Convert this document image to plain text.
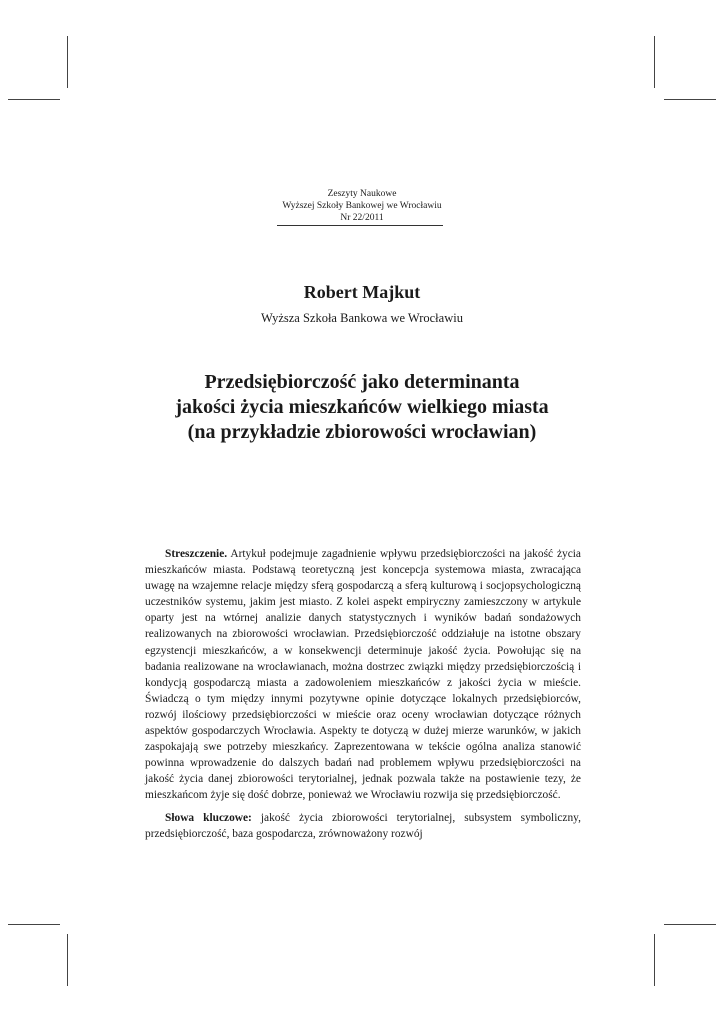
Zeszyty Naukowe
Wyższej Szkoły Bankowej we Wrocławiu
Nr 22/2011
Robert Majkut
Wyższa Szkoła Bankowa we Wrocławiu
Przedsiębiorczość jako determinanta
jakości życia mieszkańców wielkiego miasta
(na przykładzie zbiorowości wrocławian)

Streszczenie. Artykuł podejmuje zagadnienie wpływu przedsiębiorczości na jakość życia mieszkańców miasta. Podstawą teoretyczną jest koncepcja systemowa miasta, zwracająca uwagę na wzajemne relacje między sferą gospodarczą a sferą kulturową i socjopsychologiczną uczestników systemu, jakim jest miasto. Z kolei aspekt empiryczny zamieszczony w artykule oparty jest na wtórnej analizie danych statystycznych i wyników badań sondażowych realizowanych na zbiorowości wrocławian. Przedsiębiorczość oddziałuje na istotne obszary egzystencji mieszkańców, a w konsekwencji determinuje jakość życia. Powołując się na badania realizowane na wrocławianach, można dostrzec związki między przedsiębiorczością i kondycją gospodarczą miasta a zadowoleniem mieszkańców z jakości życia w mieście. Świadczą o tym między innymi pozytywne opinie dotyczące lokalnych przedsiębiorców, rozwój ilościowy przedsiębiorczości w mieście oraz oceny wrocławian dotyczące różnych aspektów gospodarczych Wrocławia. Aspekty te dotyczą w dużej mierze warunków, w jakich zaspokajają swe potrzeby mieszkańcy. Zaprezentowana w tekście ogólna analiza stanowić powinna wprowadzenie do dalszych badań nad problemem wpływu przedsiębiorczości na jakość życia danej zbiorowości terytorialnej, jednak pozwala także na postawienie tezy, że mieszkańcom żyje się dość dobrze, ponieważ we Wrocławiu rozwija się przedsiębiorczość.

Słowa kluczowe: jakość życia zbiorowości terytorialnej, subsystem symboliczny, przedsiębiorczość, baza gospodarcza, zrównoważony rozwój
